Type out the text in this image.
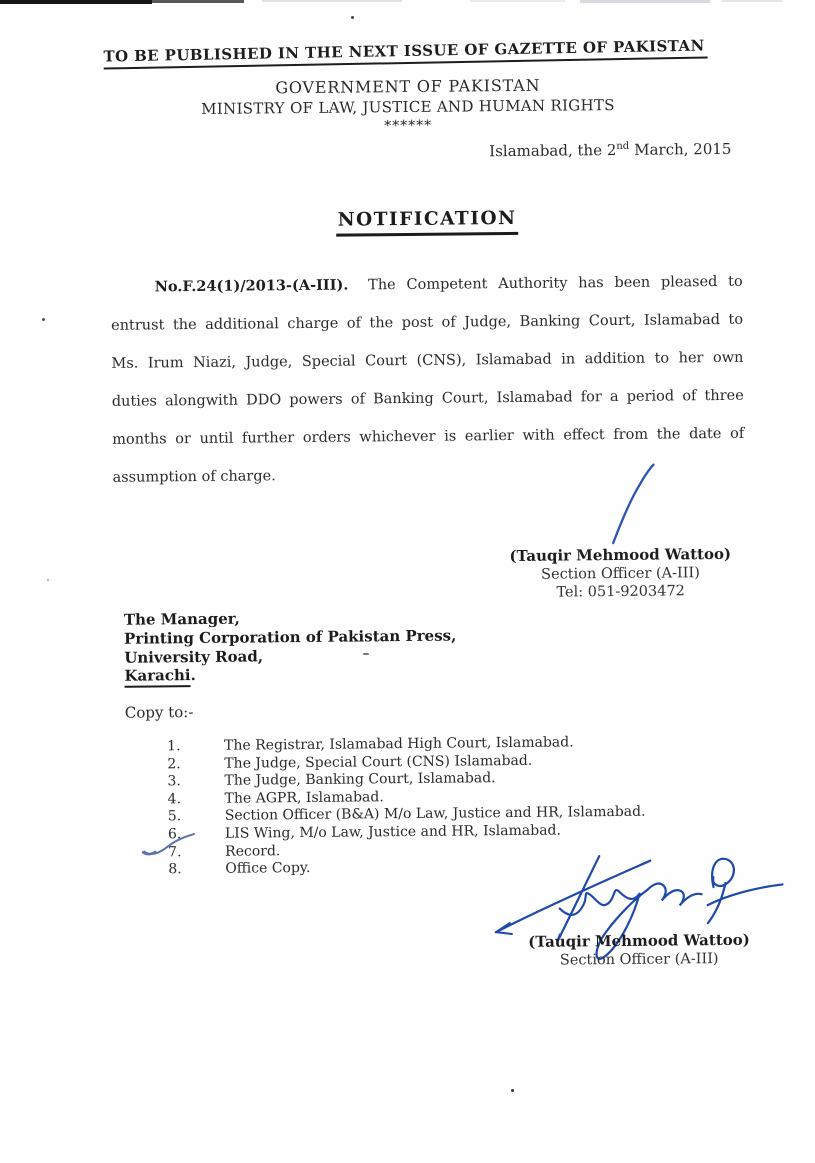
TO BE PUBLISHED IN THE NEXT ISSUE OF GAZETTE OF PAKISTAN
GOVERNMENT OF PAKISTAN
MINISTRY OF LAW, JUSTICE AND HUMAN RIGHTS
******
Islamabad, the 2nd March, 2015
NOTIFICATION
No.F.24(1)/2013-(A-III). The Competent Authority has been pleased to
entrust the additional charge of the post of Judge, Banking Court, Islamabad to
Ms. Irum Niazi, Judge, Special Court (CNS), Islamabad in addition to her own
duties alongwith DDO powers of Banking Court, Islamabad for a period of three
months or until further orders whichever is earlier with effect from the date of
assumption of charge.
(Tauqir Mehmood Wattoo)
Section Officer (A-III)
Tel: 051-9203472
The Manager,
Printing Corporation of Pakistan Press,
University Road,
Karachi.
Copy to:-
1.	The Registrar, Islamabad High Court, Islamabad.
2.	The Judge, Special Court (CNS) Islamabad.
3.	The Judge, Banking Court, Islamabad.
4.	The AGPR, Islamabad.
5.	Section Officer (B&A) M/o Law, Justice and HR, Islamabad.
6.	LIS Wing, M/o Law, Justice and HR, Islamabad.
7.	Record.
8.	Office Copy.
(Tauqir Mehmood Wattoo)
Section Officer (A-III)
